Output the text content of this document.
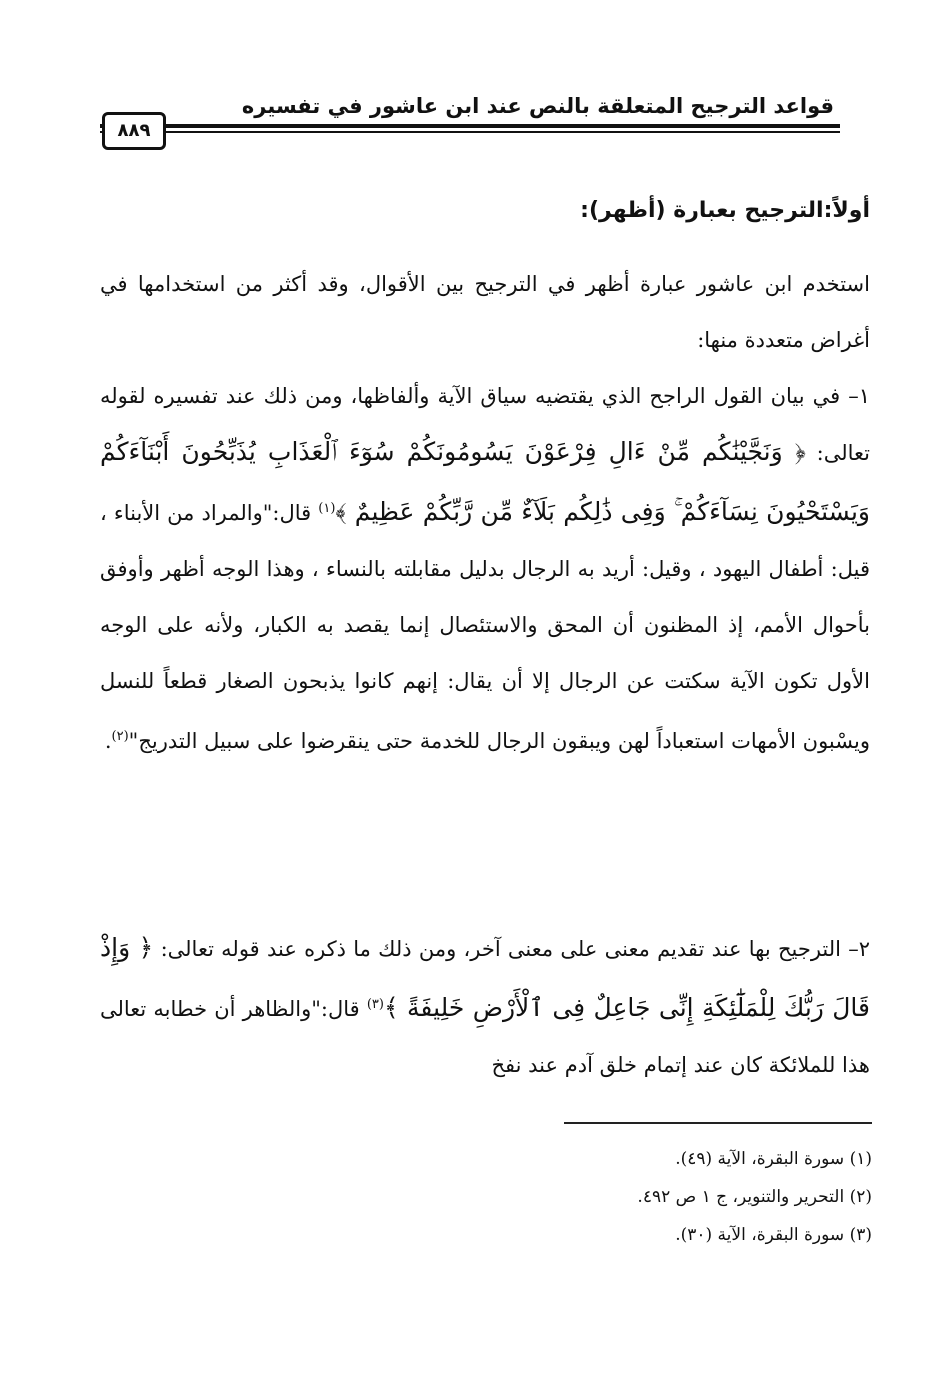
قواعد الترجيح المتعلقة بالنص عند ابن عاشور في تفسيره
٨٨٩
أولاً:الترجيح بعبارة (أظهر):

استخدم ابن عاشور عبارة أظهر في الترجيح بين الأقوال، وقد أكثر من استخدامها في أغراض متعددة منها:

١– في بيان القول الراجح الذي يقتضيه سياق الآية وألفاظها، ومن ذلك عند تفسيره لقوله تعالى: ﴿ وَنَجَّيْنَٰكُم مِّنْ ءَالِ فِرْعَوْنَ يَسُومُونَكُمْ سُوٓءَ ٱلْعَذَابِ يُذَبِّحُونَ أَبْنَآءَكُمْ وَيَسْتَحْيُونَ نِسَآءَكُمْ ۚ وَفِى ذَٰلِكُم بَلَآءٌ مِّن رَّبِّكُمْ عَظِيمٌ ﴾$^{(١)}$ قال:"والمراد من الأبناء ، قيل: أطفال اليهود ، وقيل: أريد به الرجال بدليل مقابلته بالنساء ، وهذا الوجه أظهر وأوفق بأحوال الأمم، إذ المظنون أن المحق والاستئصال إنما يقصد به الكبار، ولأنه على الوجه الأول تكون الآية سكتت عن الرجال إلا أن يقال: إنهم كانوا يذبحون الصغار قطعاً للنسل ويسْبون الأمهات استعباداً لهن ويبقون الرجال للخدمة حتى ينقرضوا على سبيل التدريج"$^{(٢)}$.

٢– الترجيح بها عند تقديم معنى على معنى آخر، ومن ذلك ما ذكره عند قوله تعالى: ﴿ وَإِذْ قَالَ رَبُّكَ لِلْمَلَٰٓئِكَةِ إِنِّى جَاعِلٌ فِى ٱلْأَرْضِ خَلِيفَةً ﴾$^{(٣)}$ قال:"والظاهر أن خطابه تعالى هذا للملائكة كان عند إتمام خلق آدم عند نفخ

(١) سورة البقرة، الآية (٤٩).
(٢) التحرير والتنوير، ج ١ ص ٤٩٢.
(٣) سورة البقرة، الآية (٣٠).
